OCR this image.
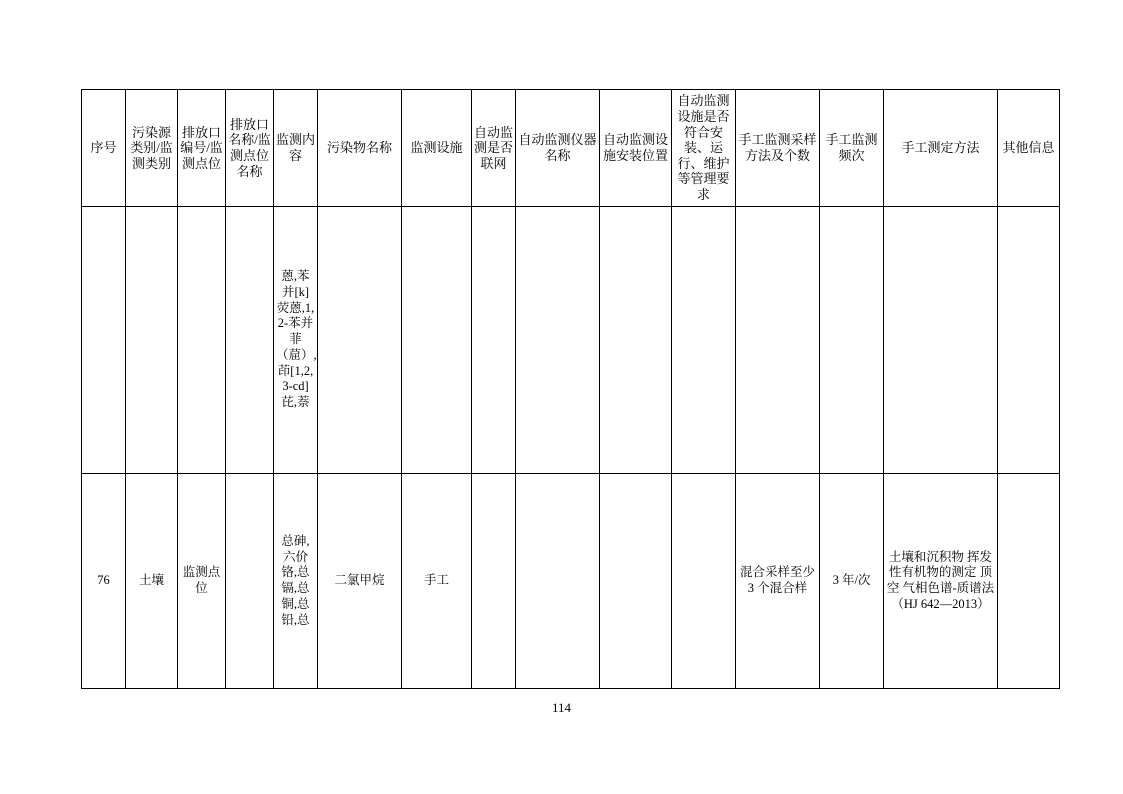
序号	污染源类别/监测类别	排放口编号/监测点位	排放口名称/监测点位名称	监测内容	污染物名称	监测设施	自动监测是否联网	自动监测仪器名称	自动监测设施安装位置	自动监测设施是否符合安装、运行、维护等管理要求	手工监测采样方法及个数	手工监测频次	手工测定方法	其他信息

				蒽,苯并[k]荧蒽,1,2-苯并菲（䓛）,茚[1,2,3-cd]芘,萘										

76	土壤	监测点位		总砷,六价铬,总镉,总铜,总铅,总	二氯甲烷	手工					混合采样至少 3 个混合样	3 年/次	土壤和沉积物 挥发性有机物的测定 顶空 气相色谱-质谱法（HJ 642—2013）	

114
